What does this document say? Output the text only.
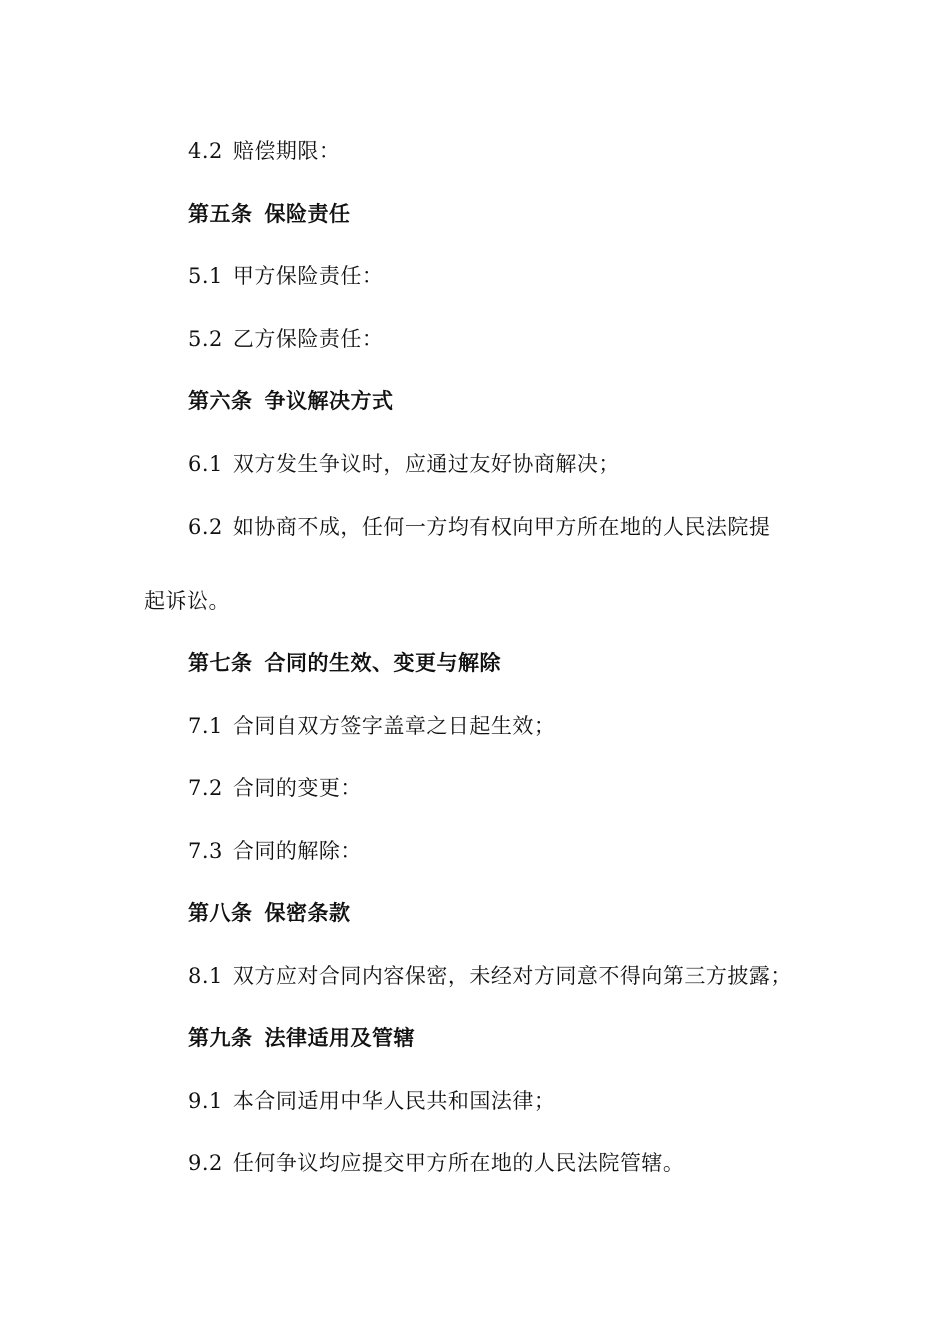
4.2 赔偿期限：
第五条 保险责任
5.1 甲方保险责任：
5.2 乙方保险责任：
第六条 争议解决方式
6.1 双方发生争议时，应通过友好协商解决；
6.2 如协商不成，任何一方均有权向甲方所在地的人民法院提
起诉讼。
第七条 合同的生效、变更与解除
7.1 合同自双方签字盖章之日起生效；
7.2 合同的变更：
7.3 合同的解除：
第八条 保密条款
8.1 双方应对合同内容保密，未经对方同意不得向第三方披露；
第九条 法律适用及管辖
9.1 本合同适用中华人民共和国法律；
9.2 任何争议均应提交甲方所在地的人民法院管辖。
